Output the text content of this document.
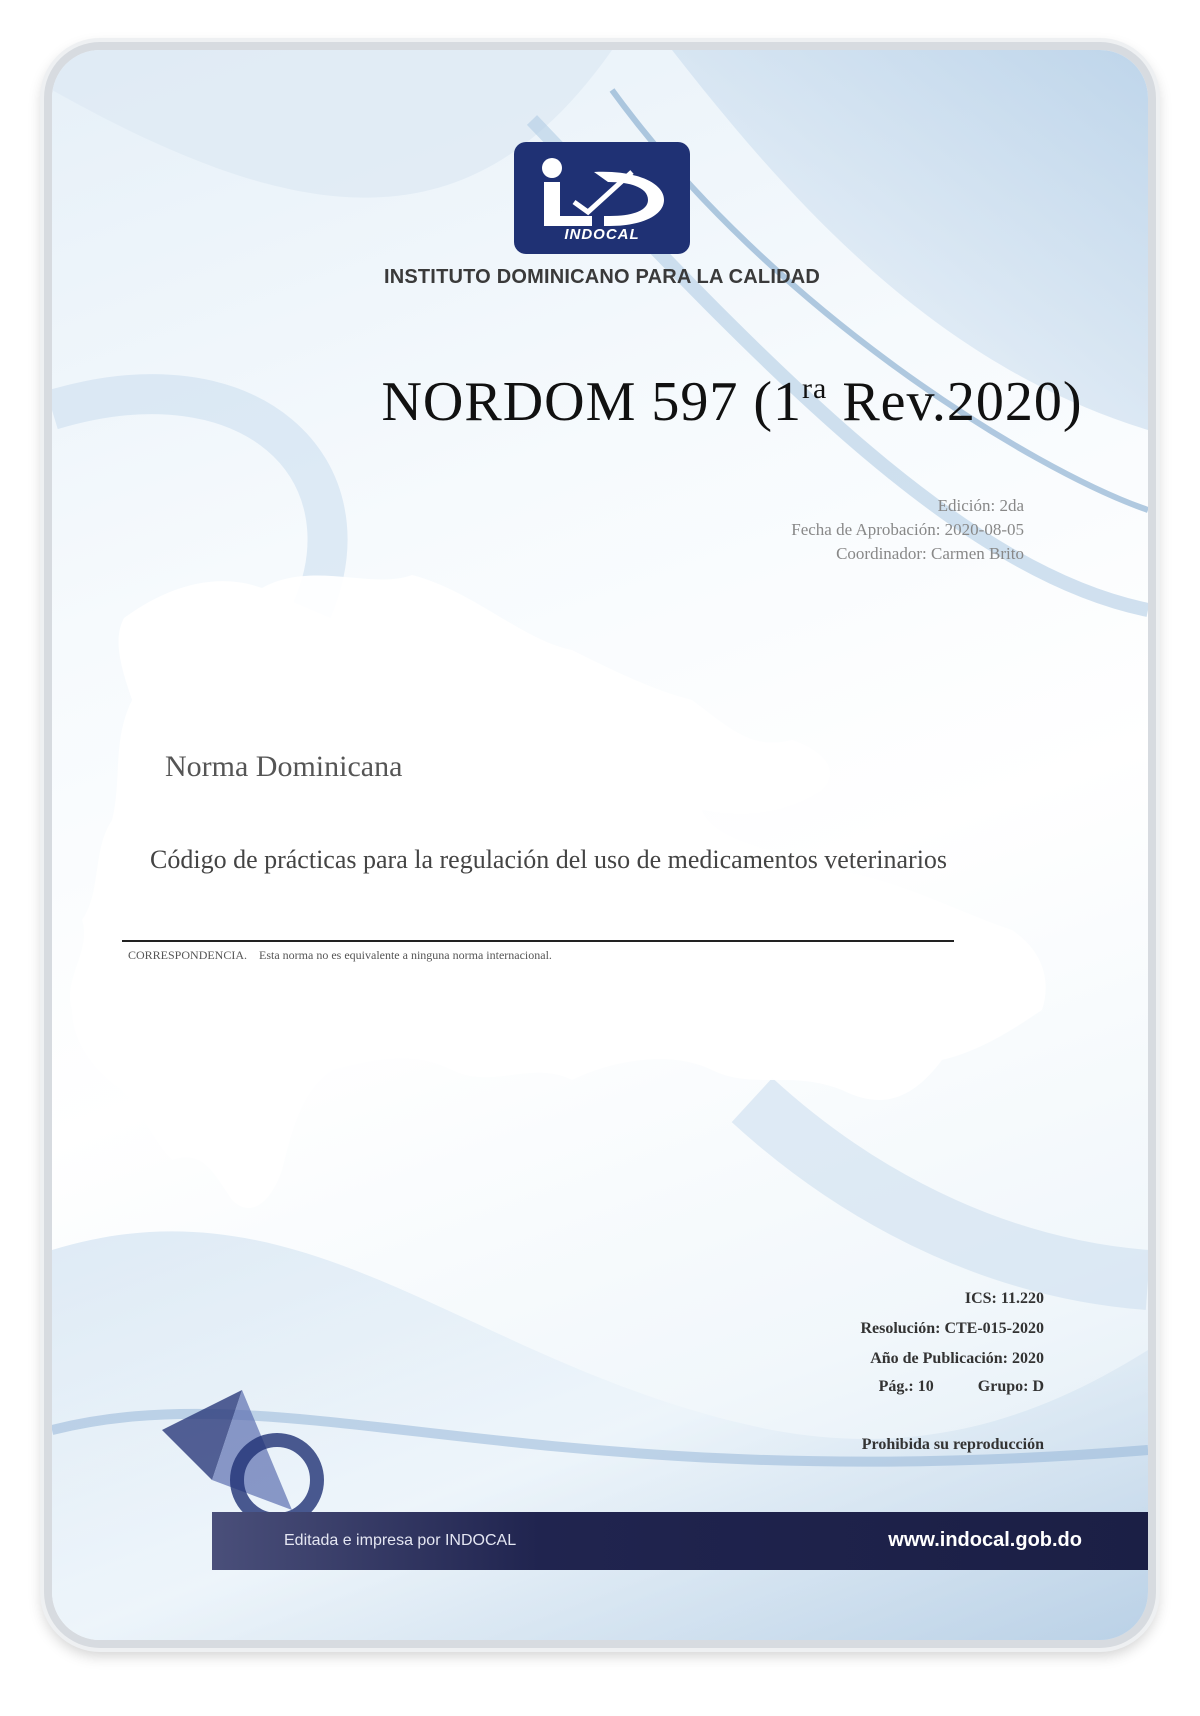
INDOCAL
INSTITUTO DOMINICANO PARA LA CALIDAD
NORDOM 597 ($1^{ra}$ Rev.2020)
Edición: 2da
Fecha de Aprobación: 2020-08-05
Coordinador: Carmen Brito
Norma Dominicana
Código de prácticas para la regulación del uso de medicamentos veterinarios
CORRESPONDENCIA. Esta norma no es equivalente a ninguna norma internacional.
ICS: 11.220
Resolución: CTE-015-2020
Año de Publicación: 2020
Pág.: 10	Grupo: D
Prohibida su reproducción
Editada e impresa por INDOCAL	www.indocal.gob.do
